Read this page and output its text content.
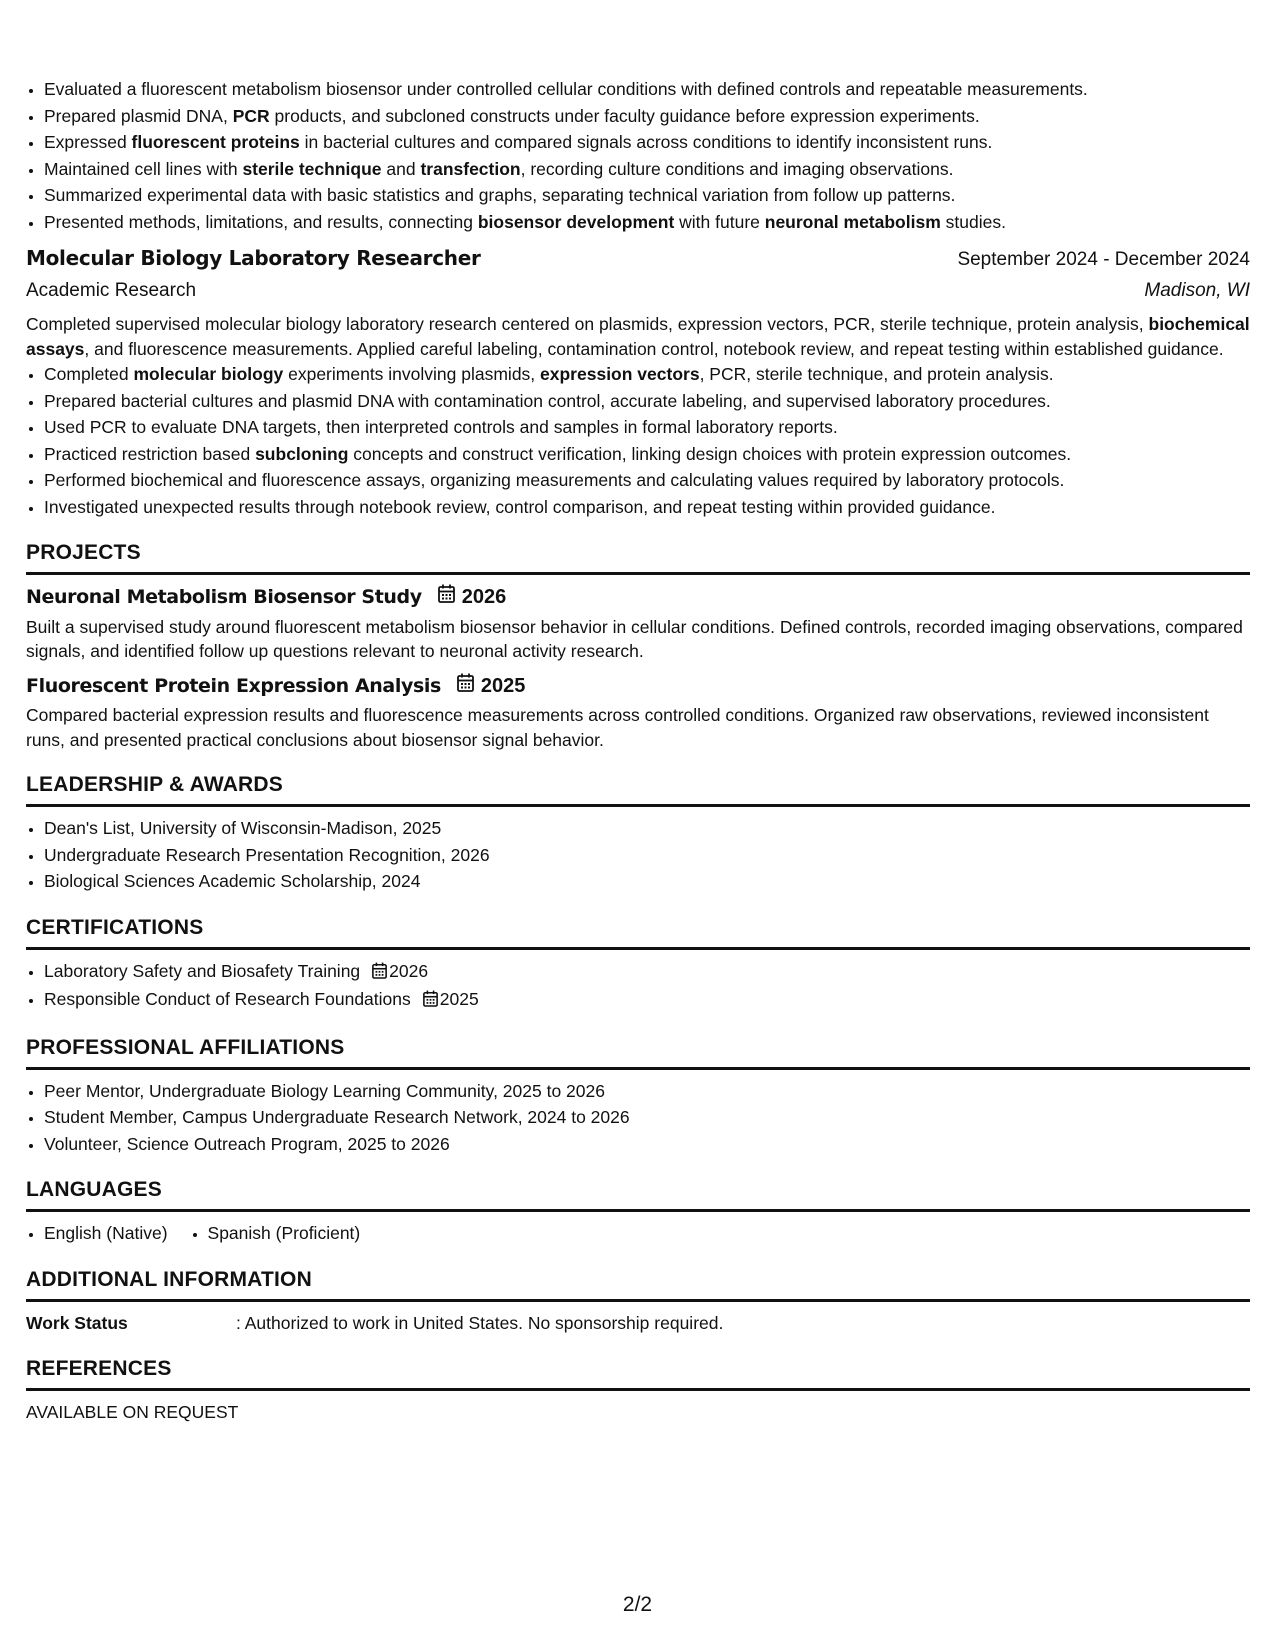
• Evaluated a fluorescent metabolism biosensor under controlled cellular conditions with defined controls and repeatable measurements.
• Prepared plasmid DNA, PCR products, and subcloned constructs under faculty guidance before expression experiments.
• Expressed fluorescent proteins in bacterial cultures and compared signals across conditions to identify inconsistent runs.
• Maintained cell lines with sterile technique and transfection, recording culture conditions and imaging observations.
• Summarized experimental data with basic statistics and graphs, separating technical variation from follow up patterns.
• Presented methods, limitations, and results, connecting biosensor development with future neuronal metabolism studies.
Molecular Biology Laboratory Researcher	September 2024 - December 2024
Academic Research	Madison, WI
Completed supervised molecular biology laboratory research centered on plasmids, expression vectors, PCR, sterile technique, protein analysis, biochemical assays, and fluorescence measurements. Applied careful labeling, contamination control, notebook review, and repeat testing within established guidance.
• Completed molecular biology experiments involving plasmids, expression vectors, PCR, sterile technique, and protein analysis.
• Prepared bacterial cultures and plasmid DNA with contamination control, accurate labeling, and supervised laboratory procedures.
• Used PCR to evaluate DNA targets, then interpreted controls and samples in formal laboratory reports.
• Practiced restriction based subcloning concepts and construct verification, linking design choices with protein expression outcomes.
• Performed biochemical and fluorescence assays, organizing measurements and calculating values required by laboratory protocols.
• Investigated unexpected results through notebook review, control comparison, and repeat testing within provided guidance.
PROJECTS
Neuronal Metabolism Biosensor Study 2026
Built a supervised study around fluorescent metabolism biosensor behavior in cellular conditions. Defined controls, recorded imaging observations, compared signals, and identified follow up questions relevant to neuronal activity research.
Fluorescent Protein Expression Analysis 2025
Compared bacterial expression results and fluorescence measurements across controlled conditions. Organized raw observations, reviewed inconsistent runs, and presented practical conclusions about biosensor signal behavior.
LEADERSHIP & AWARDS
• Dean's List, University of Wisconsin-Madison, 2025
• Undergraduate Research Presentation Recognition, 2026
• Biological Sciences Academic Scholarship, 2024
CERTIFICATIONS
• Laboratory Safety and Biosafety Training 2026
• Responsible Conduct of Research Foundations 2025
PROFESSIONAL AFFILIATIONS
• Peer Mentor, Undergraduate Biology Learning Community, 2025 to 2026
• Student Member, Campus Undergraduate Research Network, 2024 to 2026
• Volunteer, Science Outreach Program, 2025 to 2026
LANGUAGES
• English (Native)
• Spanish (Proficient)
ADDITIONAL INFORMATION
Work Status	: Authorized to work in United States. No sponsorship required.
REFERENCES
AVAILABLE ON REQUEST
2/2
